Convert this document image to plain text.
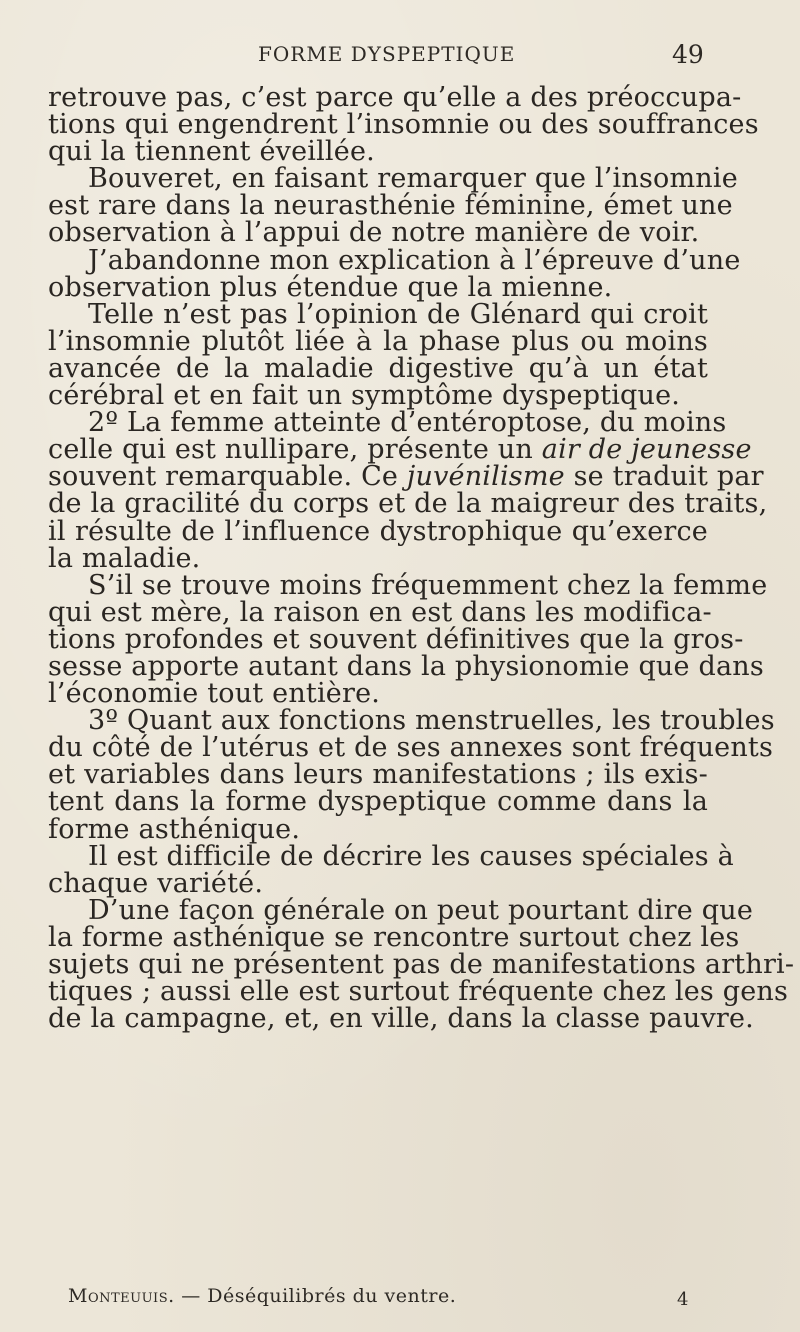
FORME DYSPEPTIQUE	49
retrouve pas, c’est parce qu’elle a des préoccupa-
tions qui engendrent l’insomnie ou des souffrances
qui la tiennent éveillée.
Bouveret, en faisant remarquer que l’insomnie
est rare dans la neurasthénie féminine, émet une
observation à l’appui de notre manière de voir.
J’abandonne mon explication à l’épreuve d’une
observation plus étendue que la mienne.
Telle n’est pas l’opinion de Glénard qui croit
l’insomnie plutôt liée à la phase plus ou moins
avancée de la maladie digestive qu’à un état
cérébral et en fait un symptôme dyspeptique.
2º La femme atteinte d’entéroptose, du moins
celle qui est nullipare, présente un air de jeunesse
souvent remarquable. Ce juvénilisme se traduit par
de la gracilité du corps et de la maigreur des traits,
il résulte de l’influence dystrophique qu’exerce
la maladie.
S’il se trouve moins fréquemment chez la femme
qui est mère, la raison en est dans les modifica-
tions profondes et souvent définitives que la gros-
sesse apporte autant dans la physionomie que dans
l’économie tout entière.
3º Quant aux fonctions menstruelles, les troubles
du côté de l’utérus et de ses annexes sont fréquents
et variables dans leurs manifestations ; ils exis-
tent dans la forme dyspeptique comme dans la
forme asthénique.
Il est difficile de décrire les causes spéciales à
chaque variété.
D’une façon générale on peut pourtant dire que
la forme asthénique se rencontre surtout chez les
sujets qui ne présentent pas de manifestations arthri-
tiques ; aussi elle est surtout fréquente chez les gens
de la campagne, et, en ville, dans la classe pauvre.
Monteuuis. — Déséquilibrés du ventre.	4
